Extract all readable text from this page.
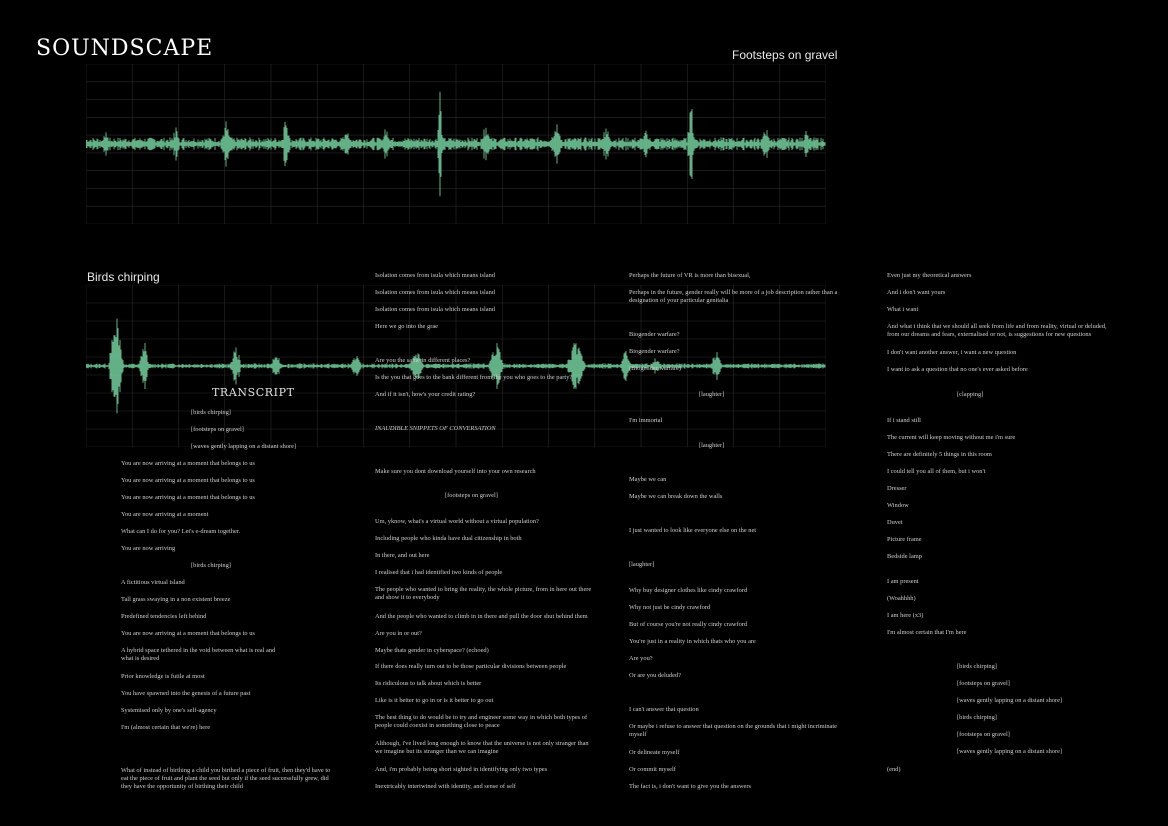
SOUNDSCAPE	Footsteps on gravel
Birds chirping
TRANSCRIPT
[birds chirping]
[footsteps on gravel]
[waves gently lapping on a distant shore]
You are now arriving at a moment that belongs to us
You are now arriving at a moment that belongs to us
You are now arriving at a moment that belongs to us
You are now arriving at a moment
What can I do for you? Let's e-dream together.
You are now arriving
[birds chirping]
A fictitious virtual island
Tall grass swaying in a non existent breeze
Predefined tendencies left behind
You are now arriving at a moment that belongs to us
A hybrid space tethered in the void between what is real and
what is desired
Prior knowledge is futile at most
You have spawned into the genesis of a future past
Systemised only by one's self-agency
I'm (almost certain that we're) here
What of instead of birthing a child you birthed a piece of fruit, then they'd have to
eat the piece of fruit and plant the seed but only if the seed successfully grew, did
they have the opportunity of birthing their child
Isolation comes from isula which means island
Isolation comes from isula which means island
Isolation comes from isula which means island
Here we go into the grae
Are you the same in different places?
Is the you that goes to the bank different from the you who goes to the party?
And if it isn't, how's your credit rating?
INAUDIBLE SNIPPETS OF CONVERSATION
Make sure you dont download yourself into your own research
[footsteps on gravel]
Um, yknow, what's a virtual world without a virtual population?
Including people who kinda have dual citizenship in both
In there, and out here
I realised that i had identified two kinds of people
The people who wanted to bring the reality, the whole picture, from in here out there
and show it to everybody
And the people who wanted to climb in in there and pull the door shut behind them
Are you in or out?
Maybe thats gender in cyberspace? (echoed)
If there does really turn out to be those particular divisions between people
Its ridiculous to talk about which is better
Like is it better to go in or is it better to go out
The best thing to do would be to try and engineer some way in which both types of
people could coexist in something close to peace
Although, i've lived long enough to know that the universe is not only stranger than
we imagine but its stranger than we can imagine
And, i'm probably being short sighted in identifying only two types
Inextricably intertwined with identity, and sense of self
Perhaps the future of VR is more than bisexual,
Perhaps in the future, gender really will be more of a job description rather than a
designation of your particular genitalia
Biogender warfare?
Biogender warfare?
(Biogender warfare)
[laughter]
I'm immortal
[laughter]
Maybe we can
Maybe we can break down the walls
I just wanted to look like everyone else on the net
[laughter]
Why buy designer clothes like cindy crawford
Why not just be cindy crawford
But of course you're not really cindy crawford
You're just in a reality in which thats who you are
Are you?
Or are you deluded?
I can't answer that question
Or maybe i refuse to answer that question on the grounds that i might incriminate
myself
Or delineate myself
Or commit myself
The fact is, i don't want to give you the answers
Even just my theoretical answers
And i don't want yours
What i want
And what i think that we should all seek from life and from reality, virtual or deluded,
from our dreams and fears, externalised or not, is suggestions for new questions
I don't want another answer, i want a new question
I want to ask a question that no one's ever asked before
[clapping]
If i stand still
The current will keep moving without me i'm sure
There are definitely 5 things in this room
I could tell you all of them, but i won't
Dresser
Window
Duvet
Picture frame
Bedside lamp
I am present
(Woahhhh)
I am here (x3)
I'm almost certain that I'm here
[birds chirping]
[footsteps on gravel]
[waves gently lapping on a distant shore]
[birds chirping]
[footsteps on gravel]
[waves gently lapping on a distant shore]
(end)
